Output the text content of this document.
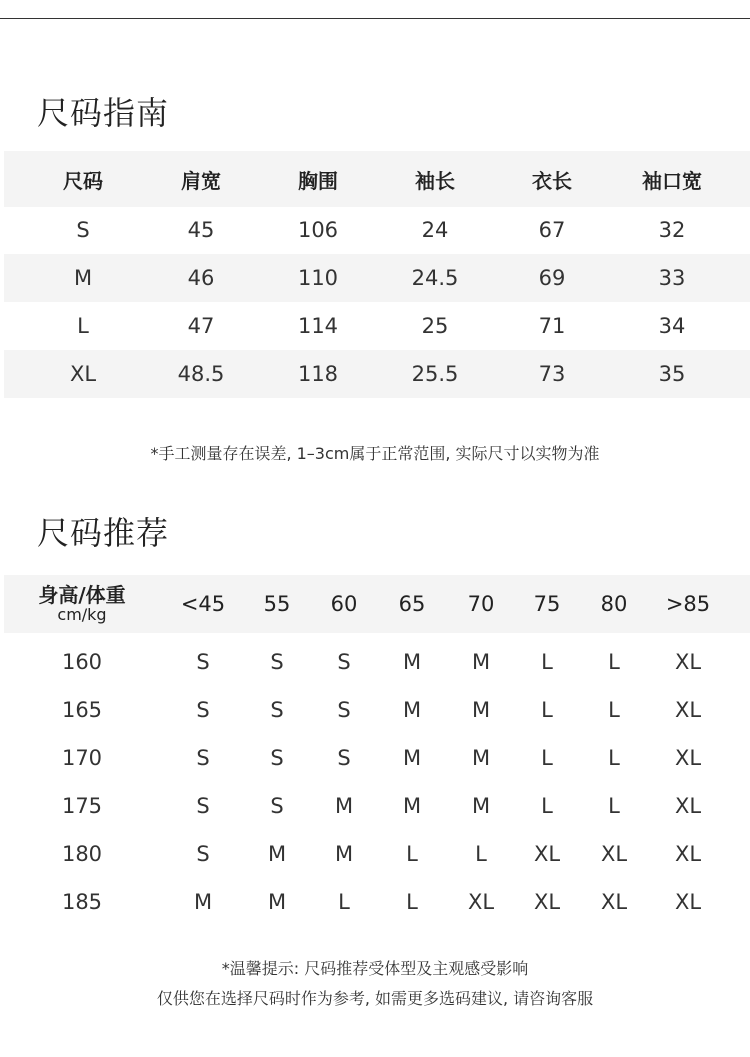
尺码指南
尺码	肩宽	胸围	袖长	衣长	袖口宽
S	45	106	24	67	32
M	46	110	24.5	69	33
L	47	114	25	71	34
XL	48.5	118	25.5	73	35
*手工测量存在误差, 1–3cm属于正常范围, 实际尺寸以实物为准
尺码推荐
身高/体重
cm/kg	<45	55	60	65	70	75	80	>85
160	S	S	S	M	M	L	L	XL
165	S	S	S	M	M	L	L	XL
170	S	S	S	M	M	L	L	XL
175	S	S	M	M	M	L	L	XL
180	S	M	M	L	L	XL	XL	XL
185	M	M	L	L	XL	XL	XL	XL
*温馨提示: 尺码推荐受体型及主观感受影响
仅供您在选择尺码时作为参考, 如需更多选码建议, 请咨询客服
